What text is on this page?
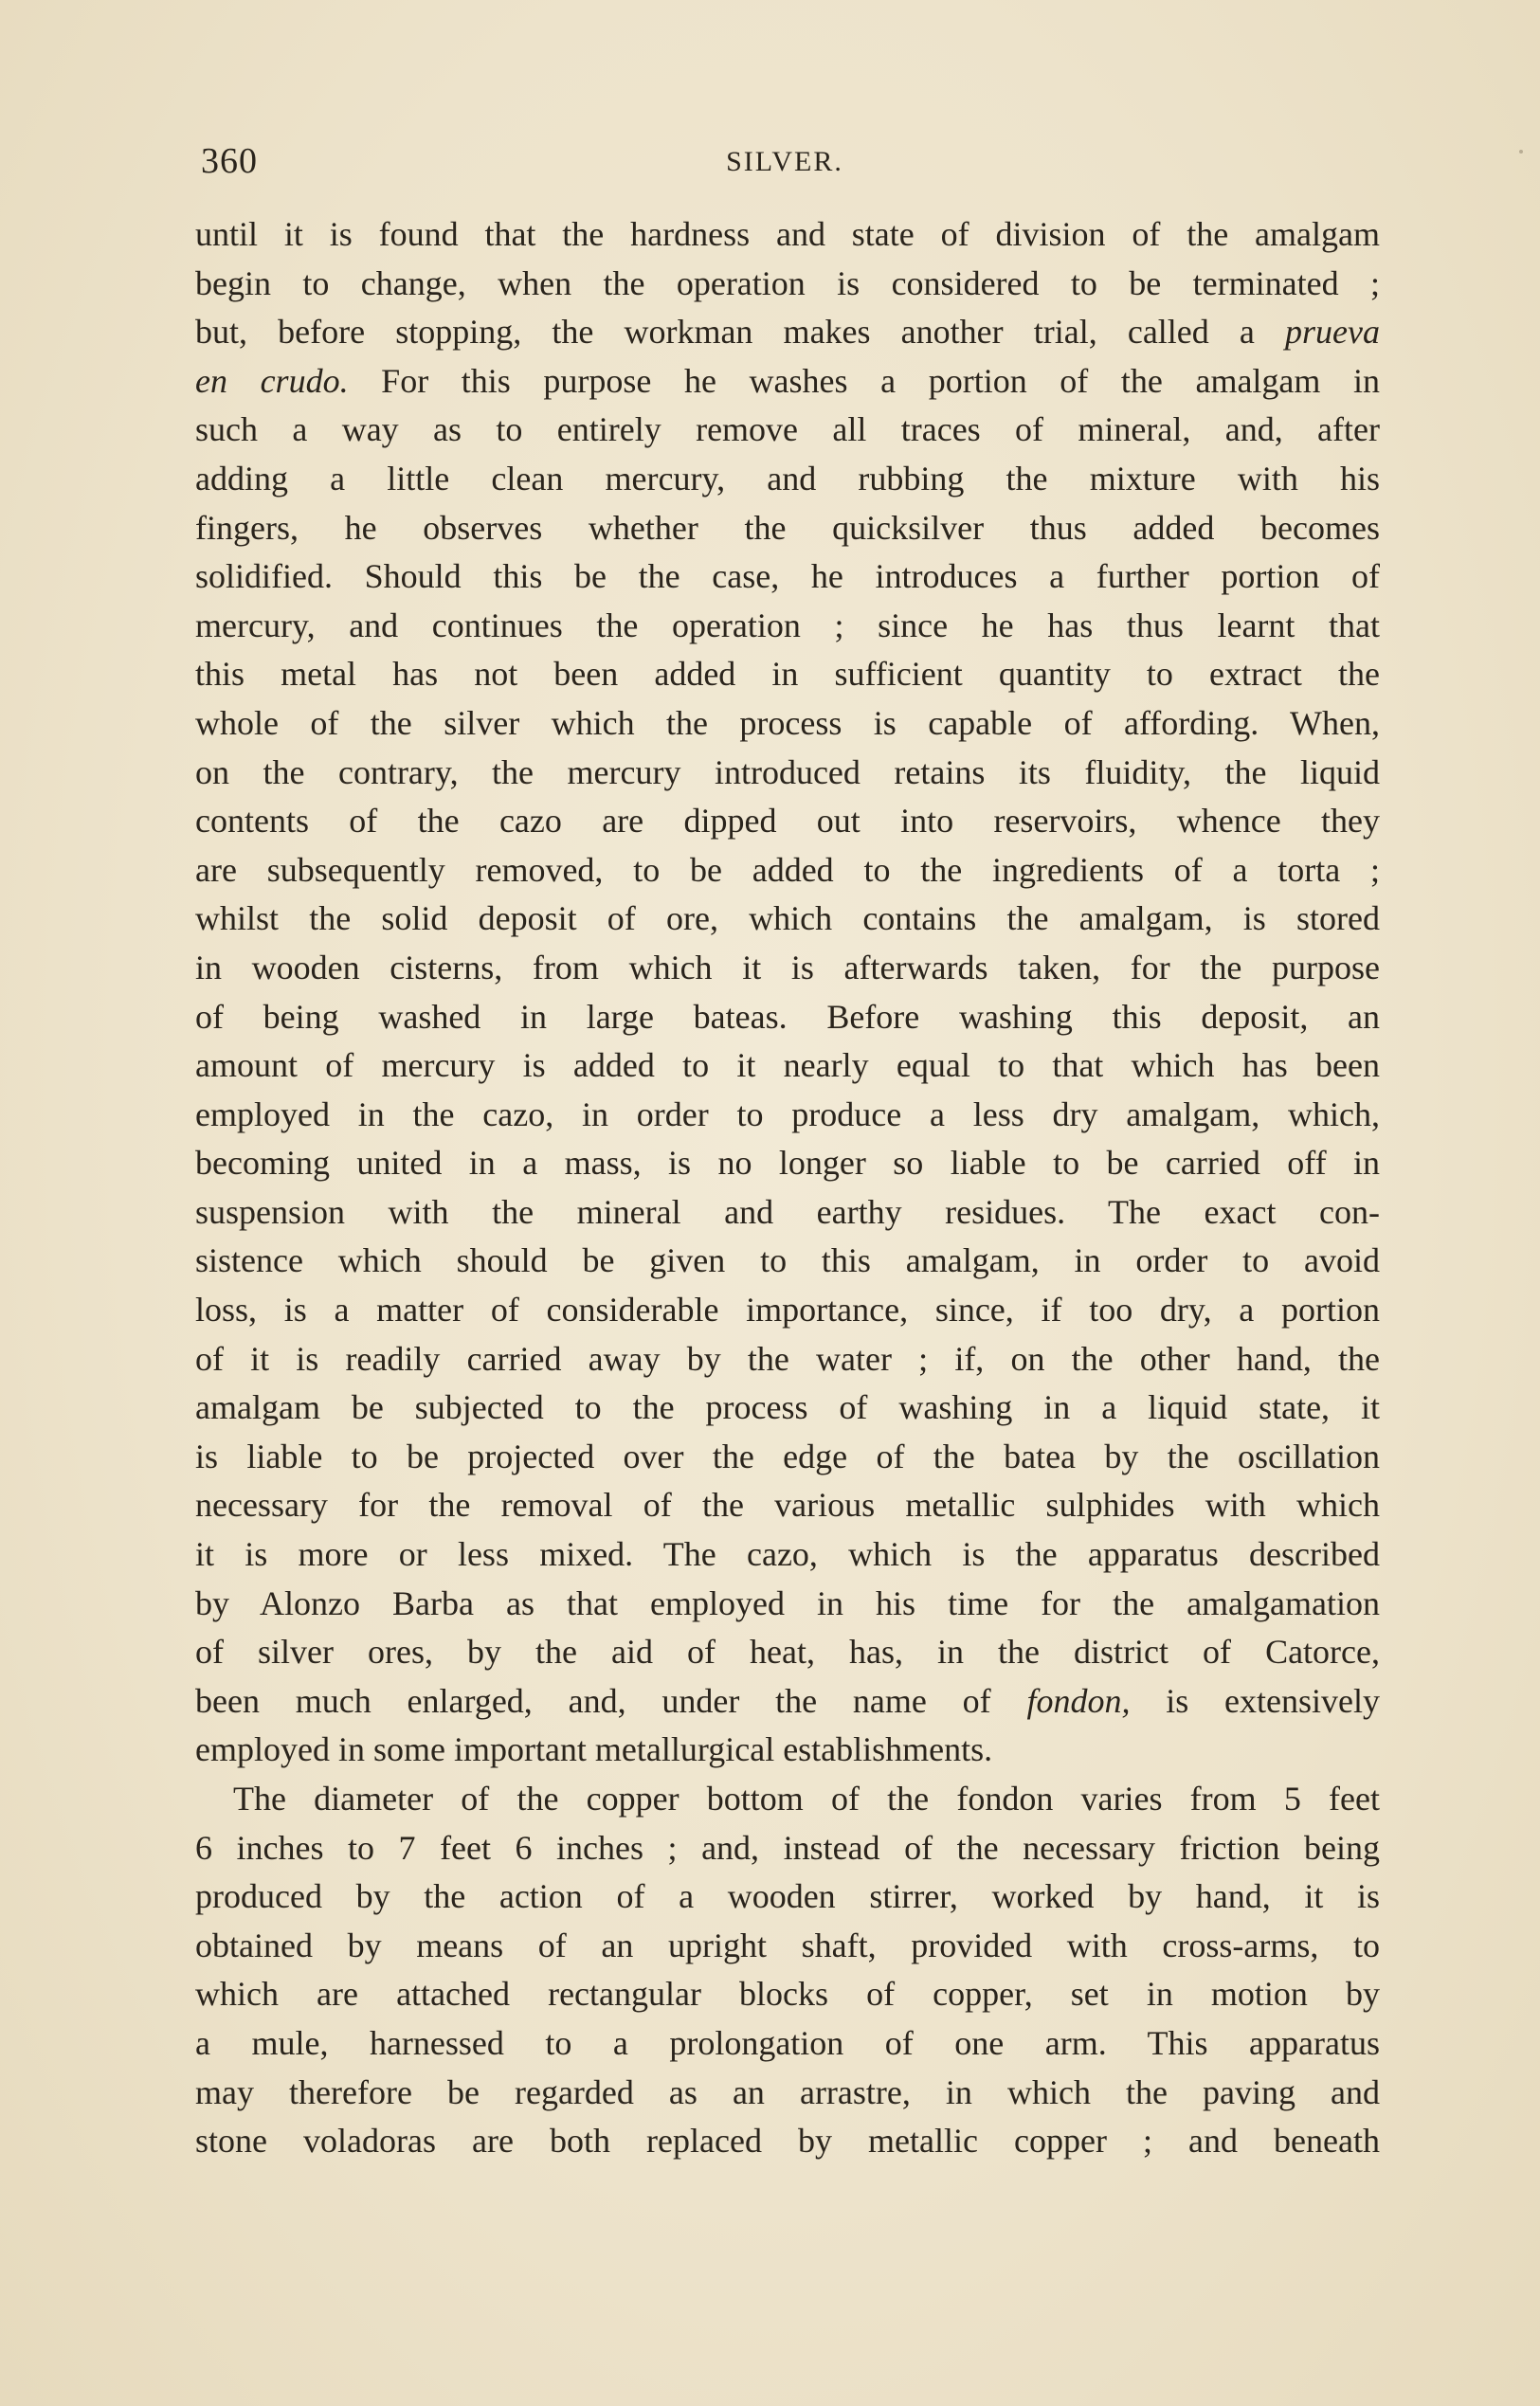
360	SILVER.
until it is found that the hardness and state of division of the amalgam
begin to change, when the operation is considered to be terminated ;
but, before stopping, the workman makes another trial, called a prueva
en crudo. For this purpose he washes a portion of the amalgam in
such a way as to entirely remove all traces of mineral, and, after
adding a little clean mercury, and rubbing the mixture with his
fingers, he observes whether the quicksilver thus added becomes
solidified. Should this be the case, he introduces a further portion of
mercury, and continues the operation ; since he has thus learnt that
this metal has not been added in sufficient quantity to extract the
whole of the silver which the process is capable of affording. When,
on the contrary, the mercury introduced retains its fluidity, the liquid
contents of the cazo are dipped out into reservoirs, whence they
are subsequently removed, to be added to the ingredients of a torta ;
whilst the solid deposit of ore, which contains the amalgam, is stored
in wooden cisterns, from which it is afterwards taken, for the purpose
of being washed in large bateas. Before washing this deposit, an
amount of mercury is added to it nearly equal to that which has been
employed in the cazo, in order to produce a less dry amalgam, which,
becoming united in a mass, is no longer so liable to be carried off in
suspension with the mineral and earthy residues. The exact con-
sistence which should be given to this amalgam, in order to avoid
loss, is a matter of considerable importance, since, if too dry, a portion
of it is readily carried away by the water ; if, on the other hand, the
amalgam be subjected to the process of washing in a liquid state, it
is liable to be projected over the edge of the batea by the oscillation
necessary for the removal of the various metallic sulphides with which
it is more or less mixed. The cazo, which is the apparatus described
by Alonzo Barba as that employed in his time for the amalgamation
of silver ores, by the aid of heat, has, in the district of Catorce,
been much enlarged, and, under the name of fondon, is extensively
employed in some important metallurgical establishments.
The diameter of the copper bottom of the fondon varies from 5 feet
6 inches to 7 feet 6 inches ; and, instead of the necessary friction being
produced by the action of a wooden stirrer, worked by hand, it is
obtained by means of an upright shaft, provided with cross-arms, to
which are attached rectangular blocks of copper, set in motion by
a mule, harnessed to a prolongation of one arm. This apparatus
may therefore be regarded as an arrastre, in which the paving and
stone voladoras are both replaced by metallic copper ; and beneath
